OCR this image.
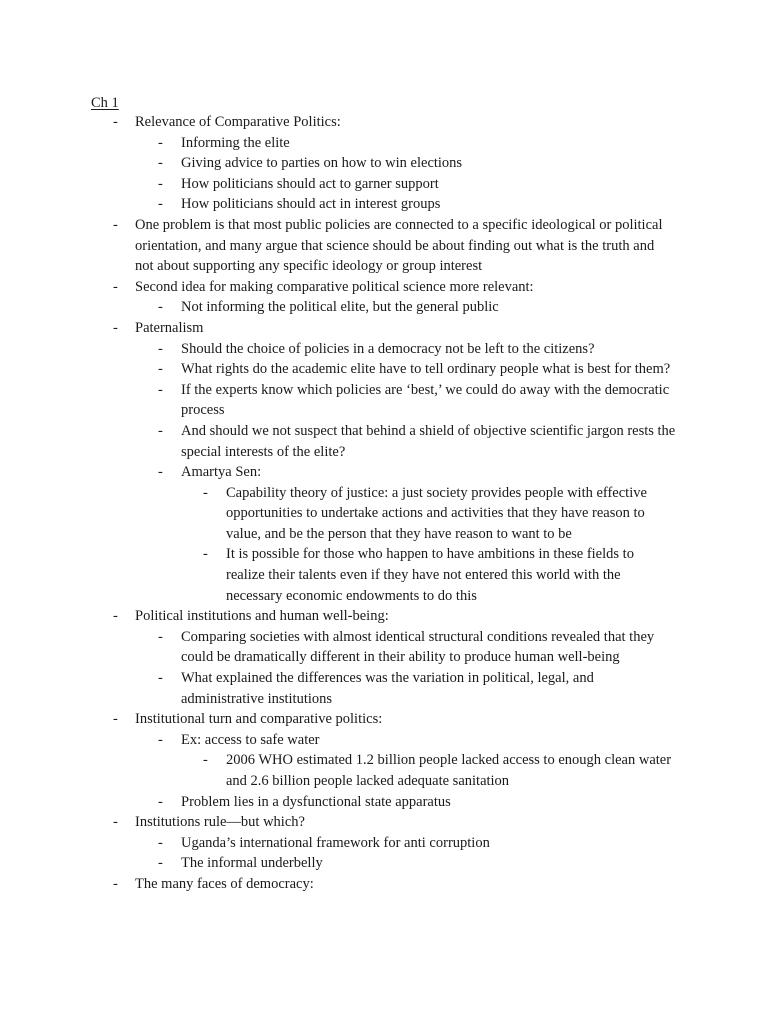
Ch 1
- Relevance of Comparative Politics:
- Informing the elite
- Giving advice to parties on how to win elections
- How politicians should act to garner support
- How politicians should act in interest groups
- One problem is that most public policies are connected to a specific ideological or political orientation, and many argue that science should be about finding out what is the truth and not about supporting any specific ideology or group interest
- Second idea for making comparative political science more relevant:
- Not informing the political elite, but the general public
- Paternalism
- Should the choice of policies in a democracy not be left to the citizens?
- What rights do the academic elite have to tell ordinary people what is best for them?
- If the experts know which policies are ‘best,’ we could do away with the democratic process
- And should we not suspect that behind a shield of objective scientific jargon rests the special interests of the elite?
- Amartya Sen:
- Capability theory of justice: a just society provides people with effective opportunities to undertake actions and activities that they have reason to value, and be the person that they have reason to want to be
- It is possible for those who happen to have ambitions in these fields to realize their talents even if they have not entered this world with the necessary economic endowments to do this
- Political institutions and human well-being:
- Comparing societies with almost identical structural conditions revealed that they could be dramatically different in their ability to produce human well-being
- What explained the differences was the variation in political, legal, and administrative institutions
- Institutional turn and comparative politics:
- Ex: access to safe water
- 2006 WHO estimated 1.2 billion people lacked access to enough clean water and 2.6 billion people lacked adequate sanitation
- Problem lies in a dysfunctional state apparatus
- Institutions rule—but which?
- Uganda’s international framework for anti corruption
- The informal underbelly
- The many faces of democracy:
